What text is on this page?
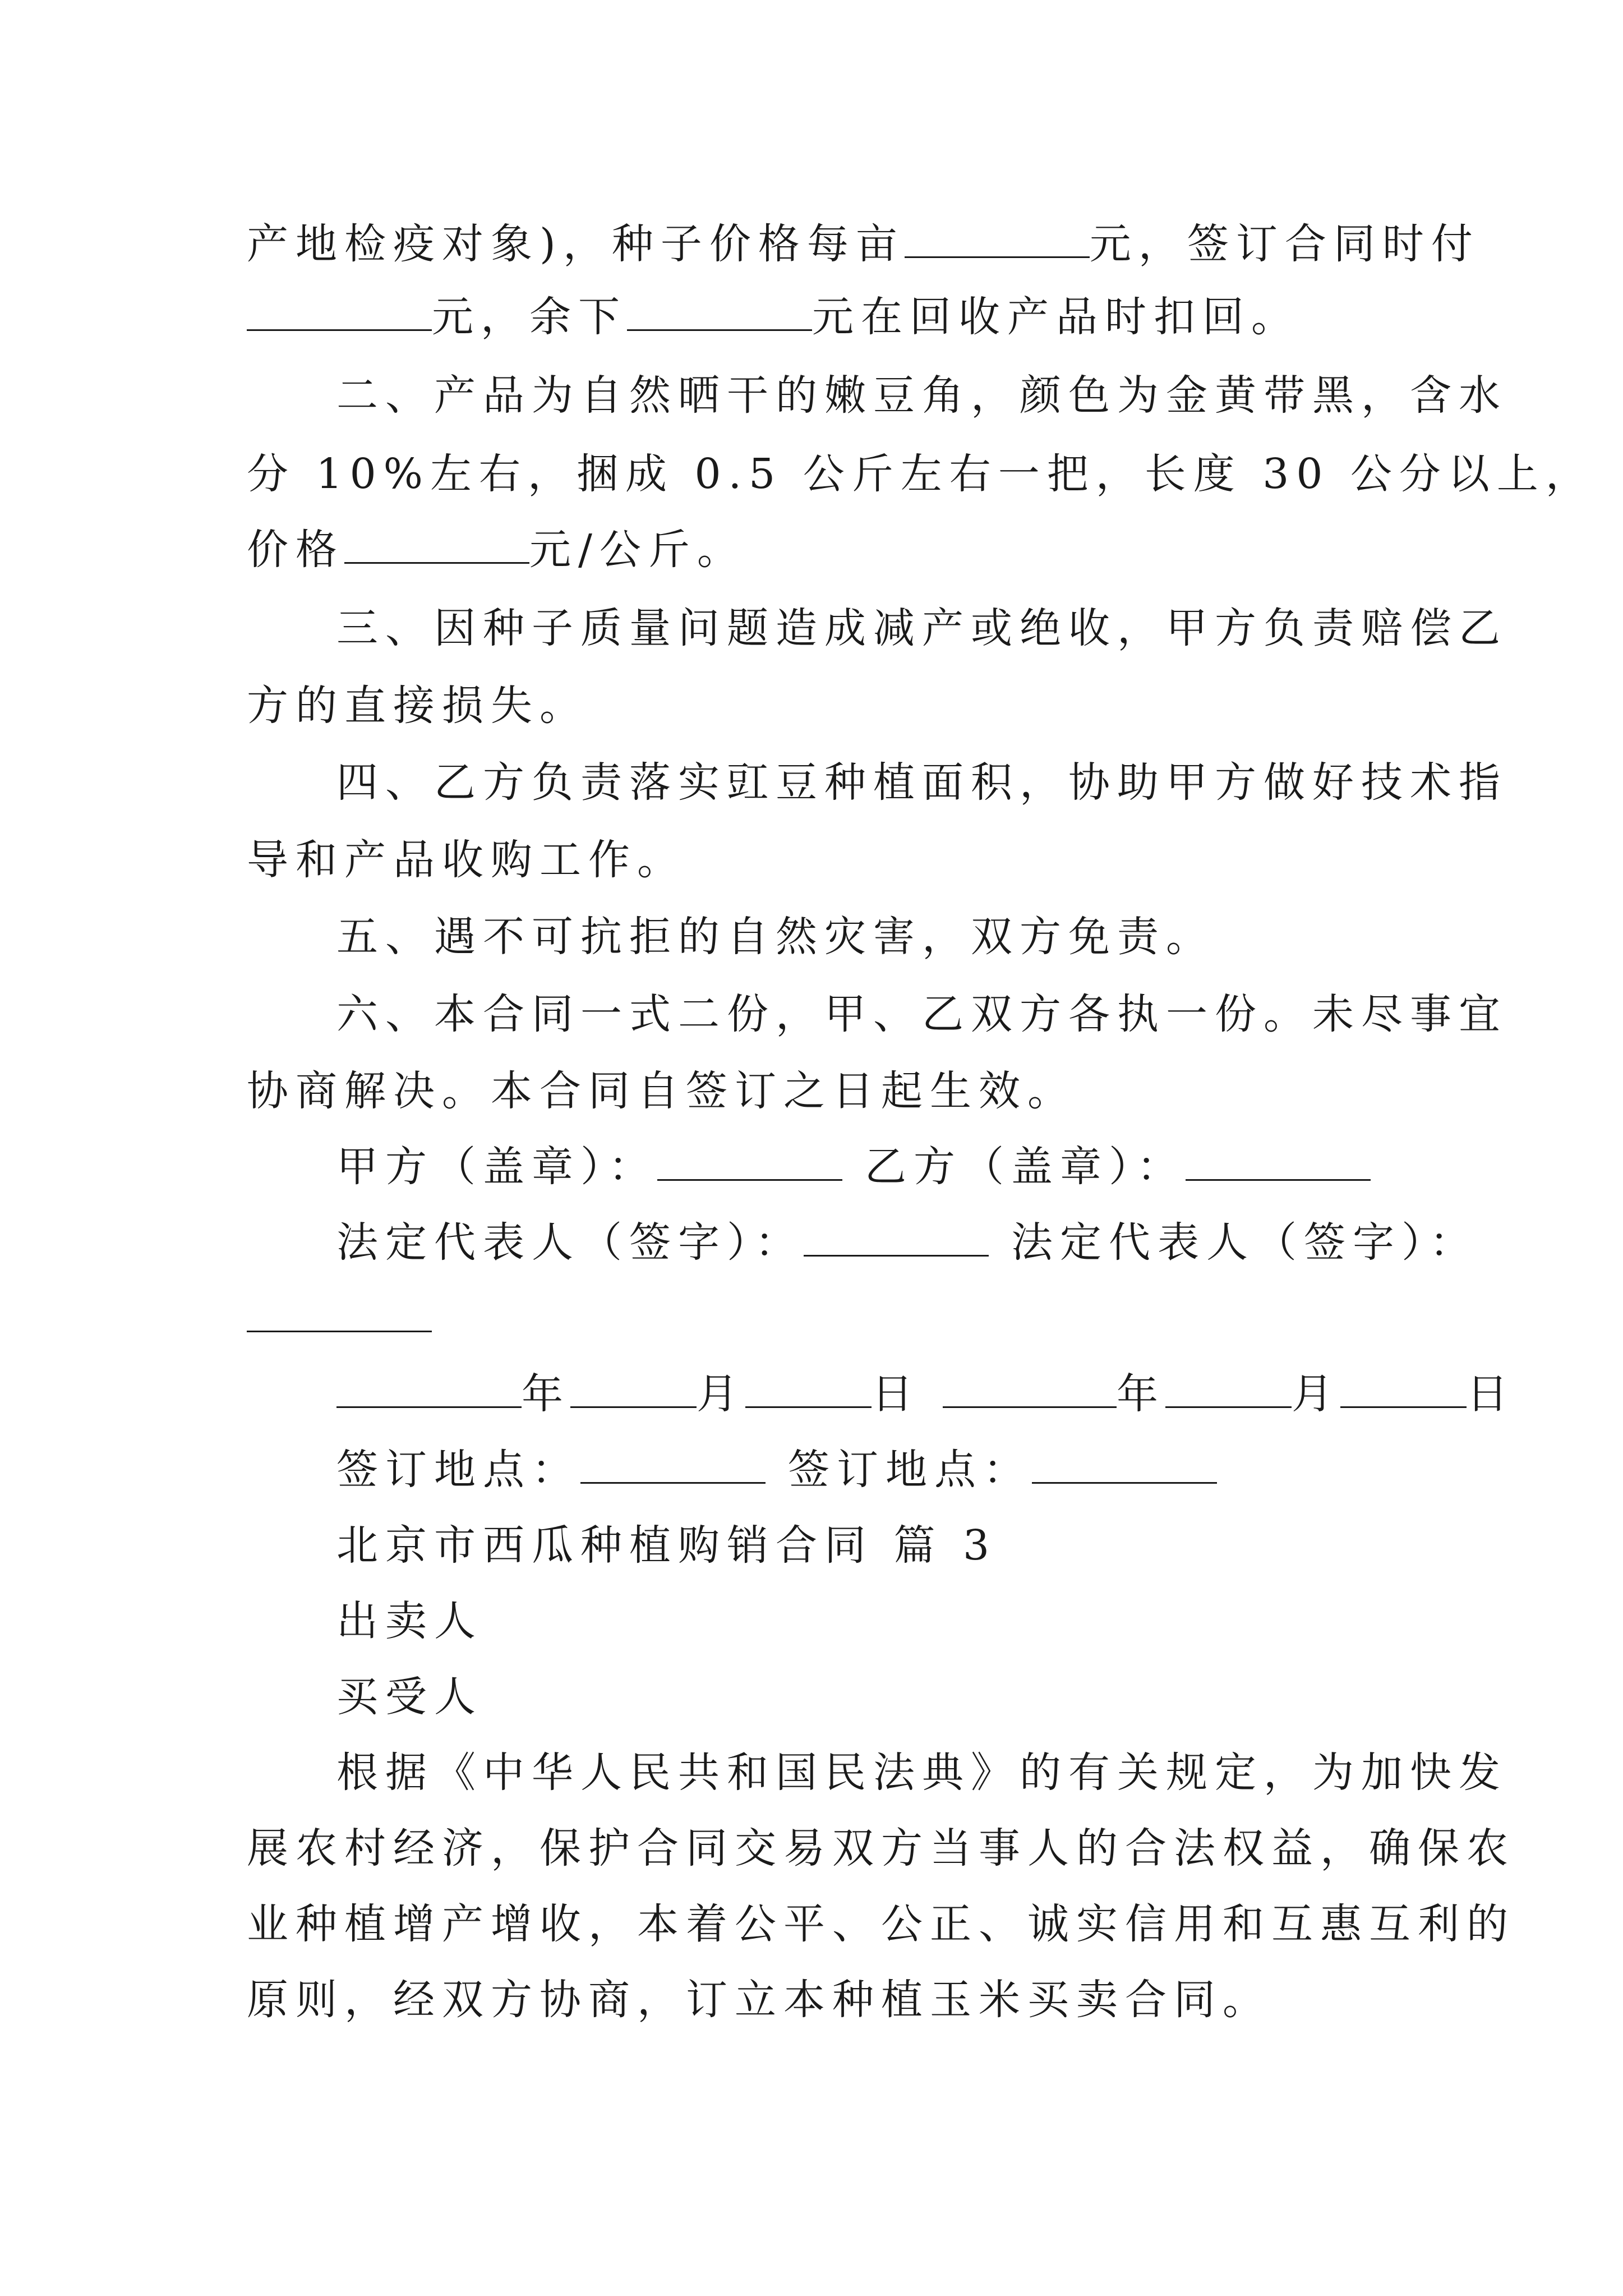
产地检疫对象)，种子价格每亩	元，签订合同时付
元，余下	元在回收产品时扣回。
二、产品为自然晒干的嫩豆角，颜色为金黄带黑，含水
分 10%左右，捆成 0.5 公斤左右一把，长度 30 公分以上，
价格	元/公斤。
三、因种子质量问题造成减产或绝收，甲方负责赔偿乙
方的直接损失。
四、乙方负责落实豇豆种植面积，协助甲方做好技术指
导和产品收购工作。
五、遇不可抗拒的自然灾害，双方免责。
六、本合同一式二份，甲、乙双方各执一份。未尽事宜
协商解决。本合同自签订之日起生效。
甲方（盖章）：	乙方（盖章）：
法定代表人（签字）：	法定代表人（签字）：
年	月	日	年	月	日
签订地点：	签订地点：
北京市西瓜种植购销合同 篇 3
出卖人
买受人
根据《中华人民共和国民法典》的有关规定，为加快发
展农村经济，保护合同交易双方当事人的合法权益，确保农
业种植增产增收，本着公平、公正、诚实信用和互惠互利的
原则，经双方协商，订立本种植玉米买卖合同。
